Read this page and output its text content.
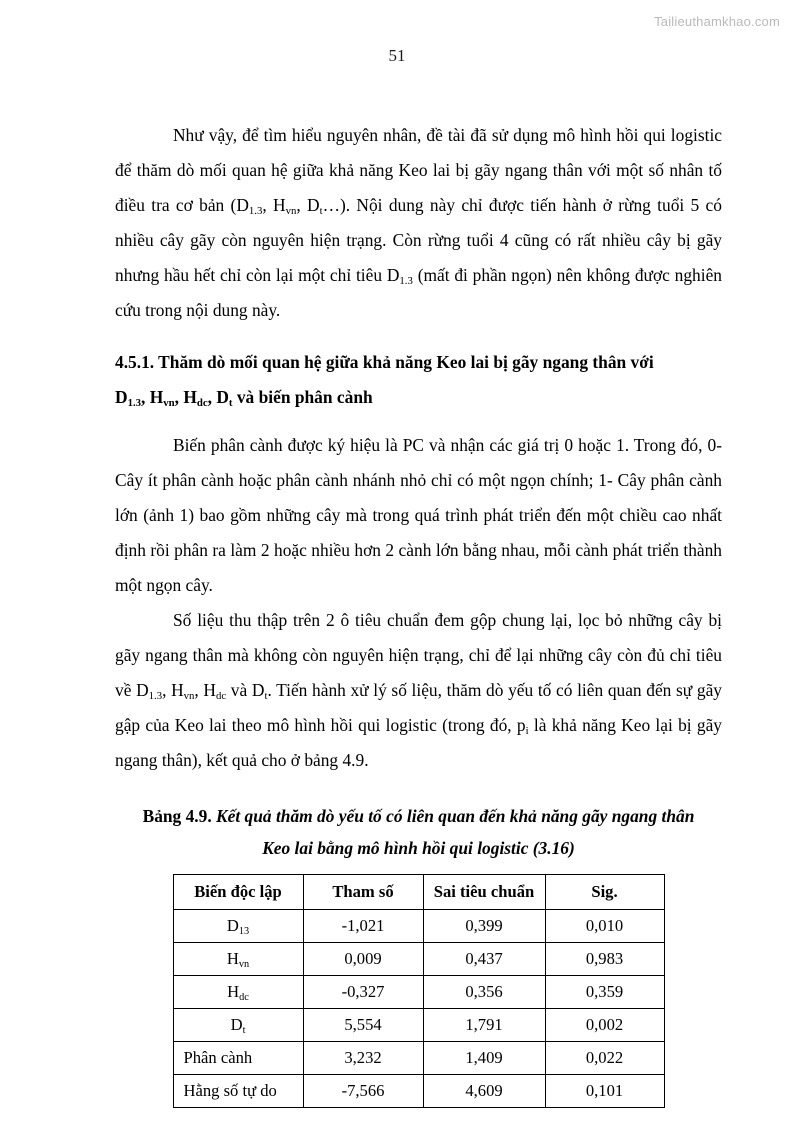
Tailieuthamkhao.com
51

Như vậy, để tìm hiểu nguyên nhân, đề tài đã sử dụng mô hình hồi qui logistic để thăm dò mối quan hệ giữa khả năng Keo lai bị gãy ngang thân với một số nhân tố điều tra cơ bản ($D_{1.3}$, $H_{vn}$, $D_t\dots$). Nội dung này chỉ được tiến hành ở rừng tuổi 5 có nhiều cây gãy còn nguyên hiện trạng. Còn rừng tuổi 4 cũng có rất nhiều cây bị gãy nhưng hầu hết chỉ còn lại một chỉ tiêu $D_{1.3}$ (mất đi phần ngọn) nên không được nghiên cứu trong nội dung này.

4.5.1. Thăm dò mối quan hệ giữa khả năng Keo lai bị gãy ngang thân với
$D_{1.3}$, $H_{vn}$, $H_{dc}$, $D_t$ và biến phân cành

Biến phân cành được ký hiệu là PC và nhận các giá trị 0 hoặc 1. Trong đó, 0- Cây ít phân cành hoặc phân cành nhánh nhỏ chỉ có một ngọn chính; 1- Cây phân cành lớn (ảnh 1) bao gồm những cây mà trong quá trình phát triển đến một chiều cao nhất định rồi phân ra làm 2 hoặc nhiều hơn 2 cành lớn bằng nhau, mỗi cành phát triển thành một ngọn cây.

Số liệu thu thập trên 2 ô tiêu chuẩn đem gộp chung lại, lọc bỏ những cây bị gãy ngang thân mà không còn nguyên hiện trạng, chỉ để lại những cây còn đủ chỉ tiêu về $D_{1.3}$, $H_{vn}$, $H_{dc}$ và $D_t$. Tiến hành xử lý số liệu, thăm dò yếu tố có liên quan đến sự gãy gập của Keo lai theo mô hình hồi qui logistic (trong đó, $p_i$ là khả năng Keo lại bị gãy ngang thân), kết quả cho ở bảng 4.9.

Bảng 4.9. Kết quả thăm dò yếu tố có liên quan đến khả năng gãy ngang thân Keo lai bằng mô hình hồi qui logistic (3.16)
Biến độc lập	Tham số	Sai tiêu chuẩn	Sig.
$D_{13}$	-1,021	0,399	0,010
$H_{vn}$	0,009	0,437	0,983
$H_{dc}$	-0,327	0,356	0,359
$D_t$	5,554	1,791	0,002
Phân cành	3,232	1,409	0,022
Hằng số tự do	-7,566	4,609	0,101
